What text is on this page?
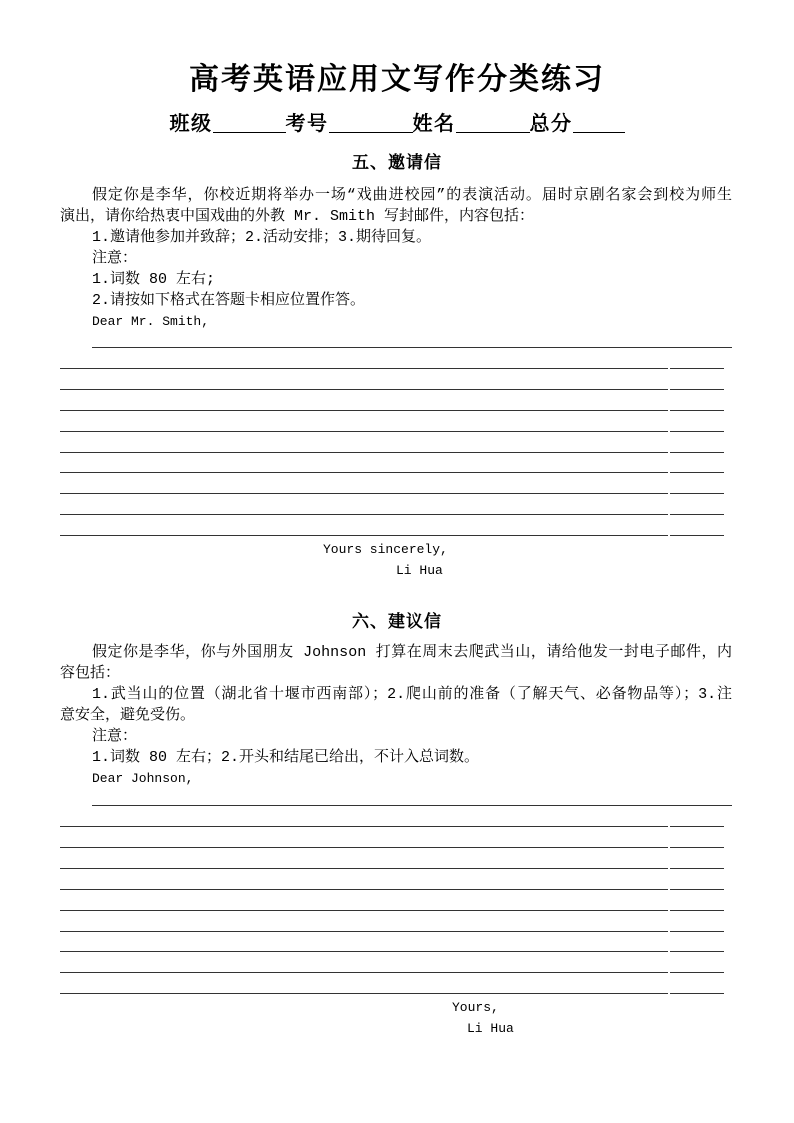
高考英语应用文写作分类练习
班级	考号	姓名	总分
五、邀请信
假定你是李华，你校近期将举办一场“戏曲进校园”的表演活动。届时京剧名家会到校为师生
演出，请你给热衷中国戏曲的外教 Mr. Smith 写封邮件，内容包括：
1.邀请他参加并致辞；2.活动安排；3.期待回复。
注意：
1.词数 80 左右;
2.请按如下格式在答题卡相应位置作答。
Dear Mr. Smith,
Yours sincerely,
Li Hua
六、建议信
假定你是李华，你与外国朋友 Johnson 打算在周末去爬武当山，请给他发一封电子邮件，内
容包括：
1.武当山的位置（湖北省十堰市西南部）；2.爬山前的准备（了解天气、必备物品等）；3.注
意安全，避免受伤。
注意：
1.词数 80 左右；2.开头和结尾已给出，不计入总词数。
Dear Johnson,
Yours,
Li Hua
